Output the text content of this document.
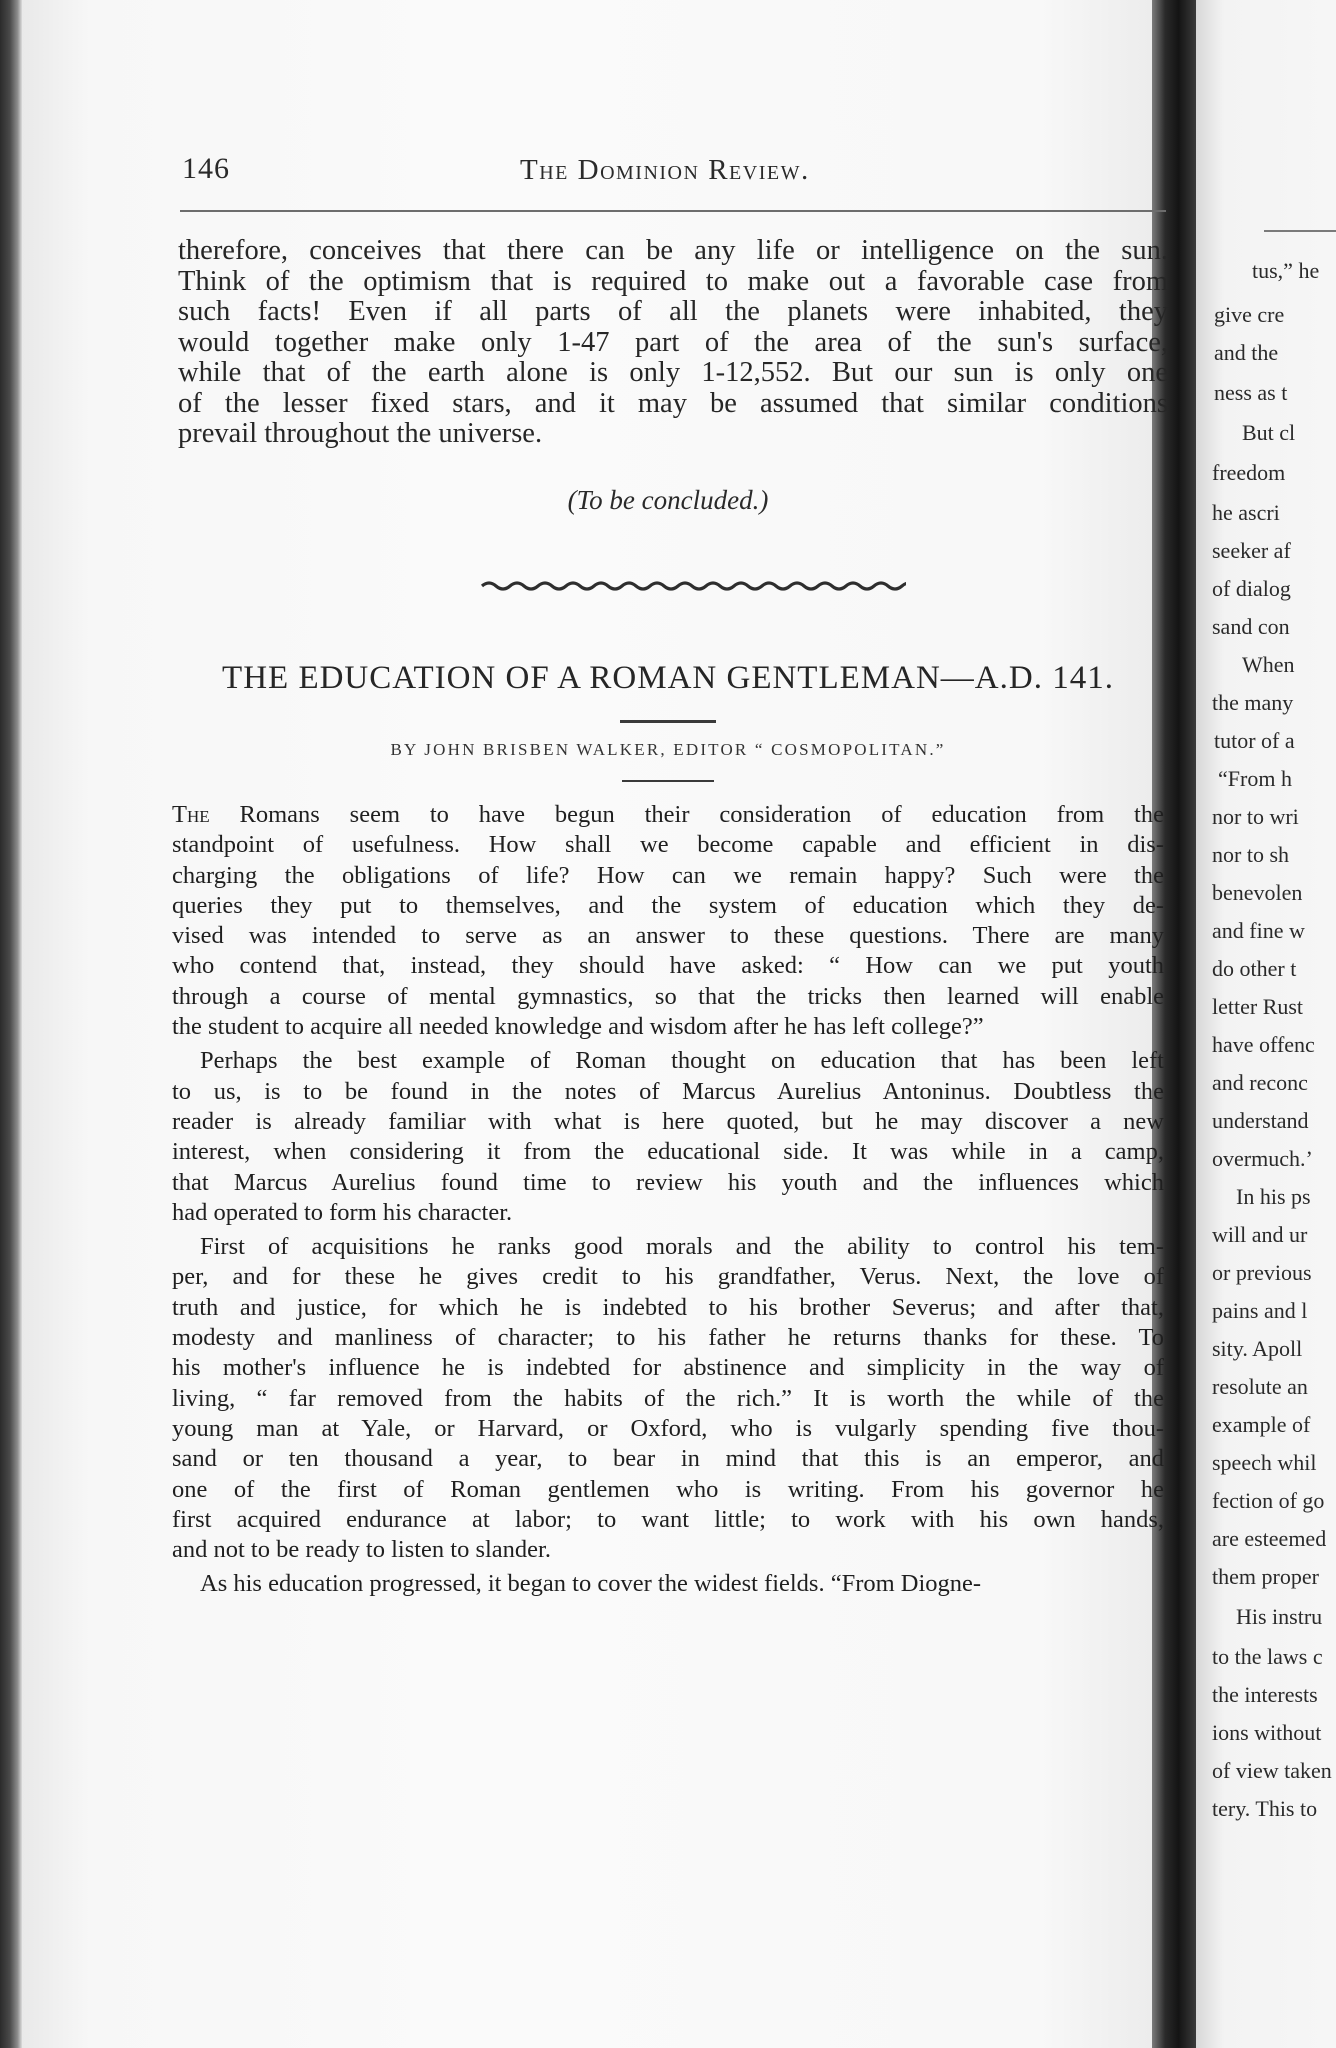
tus,” he
give cre
and the
ness as t
But cl
freedom
he ascri
seeker af
of dialog
sand con
When
the many
tutor of a
“From h
nor to wri
nor to sh
benevolen
and fine w
do other t
letter Rust
have offenc
and reconc
understand
overmuch.’
In his ps
will and ur
or previous
pains and l
sity. Apoll
resolute an
example of
speech whil
fection of go
are esteemed
them proper
His instru
to the laws c
the interests
ions without
of view taken
tery. This to
146	The Dominion Review.
therefore, conceives that there can be any life or intelligence on the sun.
Think of the optimism that is required to make out a favorable case from
such facts! Even if all parts of all the planets were inhabited, they
would together make only 1-47 part of the area of the sun's surface,
while that of the earth alone is only 1-12,552. But our sun is only one
of the lesser fixed stars, and it may be assumed that similar conditions
prevail throughout the universe.
(To be concluded.)
THE EDUCATION OF A ROMAN GENTLEMAN—A.D. 141.
BY JOHN BRISBEN WALKER, EDITOR “ COSMOPOLITAN.”
The Romans seem to have begun their consideration of education from the
standpoint of usefulness. How shall we become capable and efficient in dis-
charging the obligations of life? How can we remain happy? Such were the
queries they put to themselves, and the system of education which they de-
vised was intended to serve as an answer to these questions. There are many
who contend that, instead, they should have asked: “ How can we put youth
through a course of mental gymnastics, so that the tricks then learned will enable
the student to acquire all needed knowledge and wisdom after he has left college?”
Perhaps the best example of Roman thought on education that has been left
to us, is to be found in the notes of Marcus Aurelius Antoninus. Doubtless the
reader is already familiar with what is here quoted, but he may discover a new
interest, when considering it from the educational side. It was while in a camp,
that Marcus Aurelius found time to review his youth and the influences which
had operated to form his character.
First of acquisitions he ranks good morals and the ability to control his tem-
per, and for these he gives credit to his grandfather, Verus. Next, the love of
truth and justice, for which he is indebted to his brother Severus; and after that,
modesty and manliness of character; to his father he returns thanks for these. To
his mother's influence he is indebted for abstinence and simplicity in the way of
living, “ far removed from the habits of the rich.” It is worth the while of the
young man at Yale, or Harvard, or Oxford, who is vulgarly spending five thou-
sand or ten thousand a year, to bear in mind that this is an emperor, and
one of the first of Roman gentlemen who is writing. From his governor he
first acquired endurance at labor; to want little; to work with his own hands,
and not to be ready to listen to slander.
As his education progressed, it began to cover the widest fields. “From Diogne-
